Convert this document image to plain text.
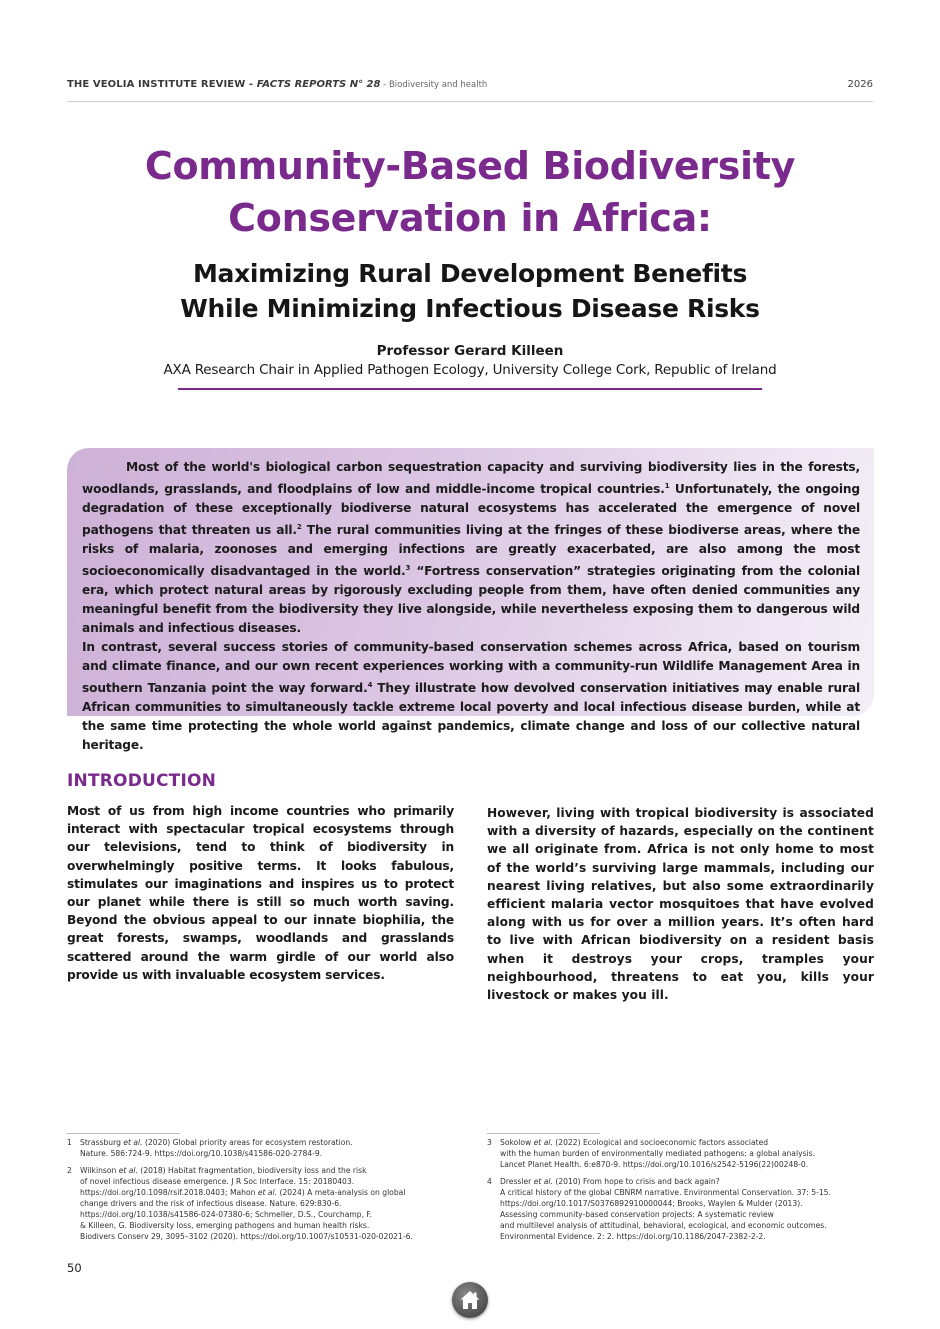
THE VEOLIA INSTITUTE REVIEW - FACTS REPORTS N° 28 - Biodiversity and health	2026
Community-Based Biodiversity
Conservation in Africa:
Maximizing Rural Development Benefits
While Minimizing Infectious Disease Risks
Professor Gerard Killeen
AXA Research Chair in Applied Pathogen Ecology, University College Cork, Republic of Ireland

Most of the world's biological carbon sequestration capacity and surviving biodiversity lies in the forests, woodlands, grasslands, and floodplains of low and middle-income tropical countries.$^1$ Unfortunately, the ongoing degradation of these exceptionally biodiverse natural ecosystems has accelerated the emergence of novel pathogens that threaten us all.$^2$ The rural communities living at the fringes of these biodiverse areas, where the risks of malaria, zoonoses and emerging infections are greatly exacerbated, are also among the most socioeconomically disadvantaged in the world.$^3$ “Fortress conservation” strategies originating from the colonial era, which protect natural areas by rigorously excluding people from them, have often denied communities any meaningful benefit from the biodiversity they live alongside, while nevertheless exposing them to dangerous wild animals and infectious diseases.

In contrast, several success stories of community-based conservation schemes across Africa, based on tourism and climate finance, and our own recent experiences working with a community-run Wildlife Management Area in southern Tanzania point the way forward.$^4$ They illustrate how devolved conservation initiatives may enable rural African communities to simultaneously tackle extreme local poverty and local infectious disease burden, while at the same time protecting the whole world against pandemics, climate change and loss of our collective natural heritage.

INTRODUCTION

Most of us from high income countries who primarily interact with spectacular tropical ecosystems through our televisions, tend to think of biodiversity in overwhelmingly positive terms. It looks fabulous, stimulates our imaginations and inspires us to protect our planet while there is still so much worth saving. Beyond the obvious appeal to our innate biophilia, the great forests, swamps, woodlands and grasslands scattered around the warm girdle of our world also provide us with invaluable ecosystem services.

However, living with tropical biodiversity is associated with a diversity of hazards, especially on the continent we all originate from. Africa is not only home to most of the world’s surviving large mammals, including our nearest living relatives, but also some extraordinarily efficient malaria vector mosquitoes that have evolved along with us for over a million years. It’s often hard to live with African biodiversity on a resident basis when it destroys your crops, tramples your neighbourhood, threatens to eat you, kills your livestock or makes you ill.

1 Strassburg et al. (2020) Global priority areas for ecosystem restoration.
Nature. 586:724-9. https://doi.org/10.1038/s41586-020-2784-9.
2 Wilkinson et al. (2018) Habitat fragmentation, biodiversity loss and the risk
of novel infectious disease emergence. J R Soc Interface. 15: 20180403.
https://doi.org/10.1098/rsif.2018.0403; Mahon et al. (2024) A meta-analysis on global
change drivers and the risk of infectious disease. Nature. 629:830-6.
https://doi.org/10.1038/s41586-024-07380-6; Schmeller, D.S., Courchamp, F.
& Killeen, G. Biodiversity loss, emerging pathogens and human health risks.
Biodivers Conserv 29, 3095–3102 (2020). https://doi.org/10.1007/s10531-020-02021-6.
3 Sokolow et al. (2022) Ecological and socioeconomic factors associated
with the human burden of environmentally mediated pathogens: a global analysis.
Lancet Planet Health. 6:e870-9. https://doi.org/10.1016/s2542-5196(22)00248-0.
4 Dressler et al. (2010) From hope to crisis and back again?
A critical history of the global CBNRM narrative. Environmental Conservation. 37: 5-15.
https://doi.org/10.1017/S0376892910000044; Brooks, Waylen & Mulder (2013).
Assessing community-based conservation projects: A systematic review
and multilevel analysis of attitudinal, behavioral, ecological, and economic outcomes.
Environmental Evidence. 2: 2. https://doi.org/10.1186/2047-2382-2-2.
50
